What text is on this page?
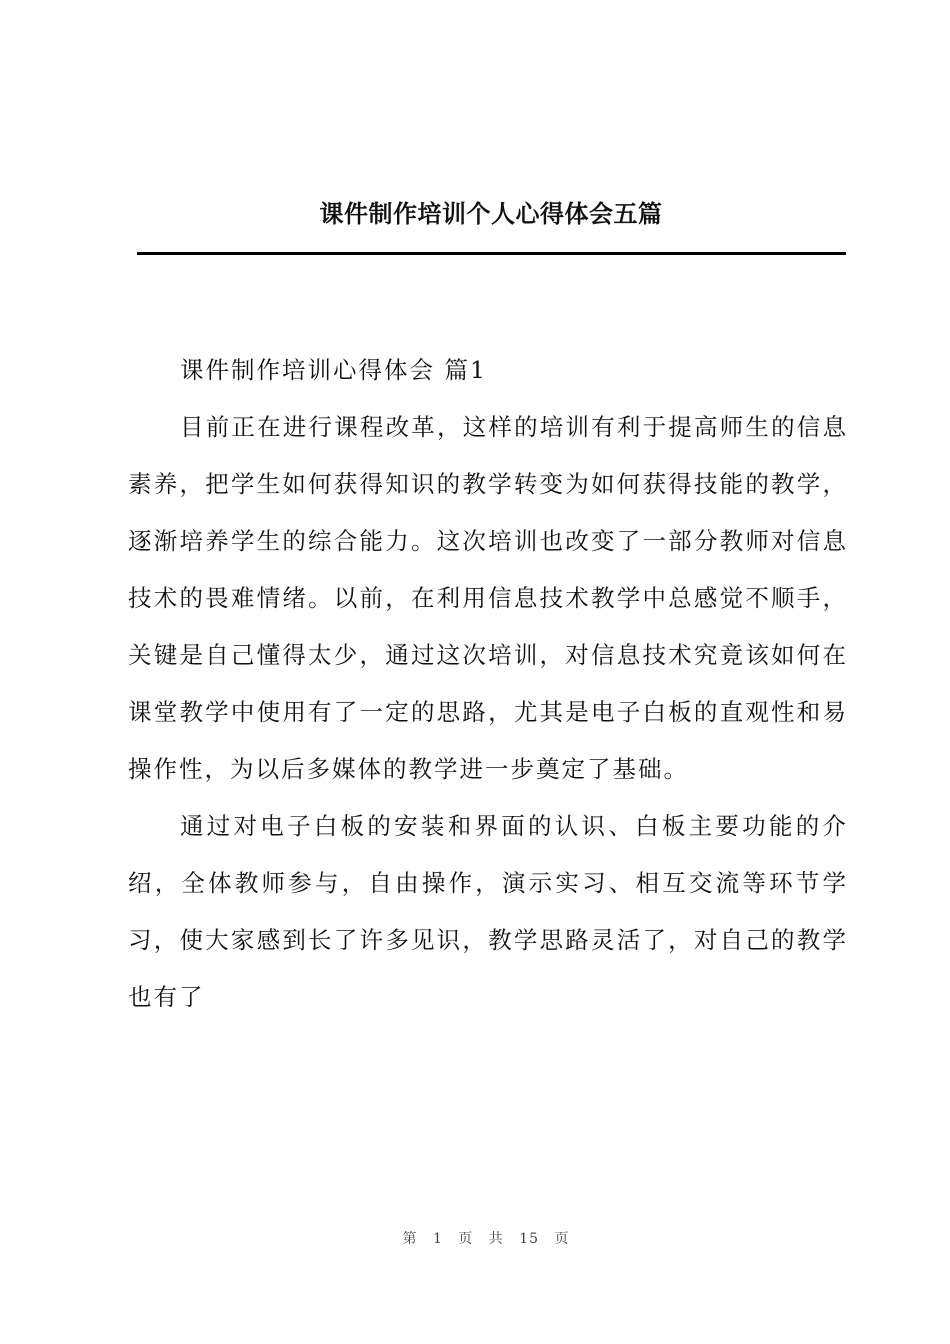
课件制作培训个人心得体会五篇

课件制作培训心得体会 篇1

目前正在进行课程改革，这样的培训有利于提高师生的信息素养，把学生如何获得知识的教学转变为如何获得技能的教学，逐渐培养学生的综合能力。这次培训也改变了一部分教师对信息技术的畏难情绪。以前，在利用信息技术教学中总感觉不顺手，关键是自己懂得太少，通过这次培训，对信息技术究竟该如何在课堂教学中使用有了一定的思路，尤其是电子白板的直观性和易操作性，为以后多媒体的教学进一步奠定了基础。

通过对电子白板的安装和界面的认识、白板主要功能的介绍，全体教师参与，自由操作，演示实习、相互交流等环节学习，使大家感到长了许多见识，教学思路灵活了，对自己的教学也有了

第 1 页 共 15 页
